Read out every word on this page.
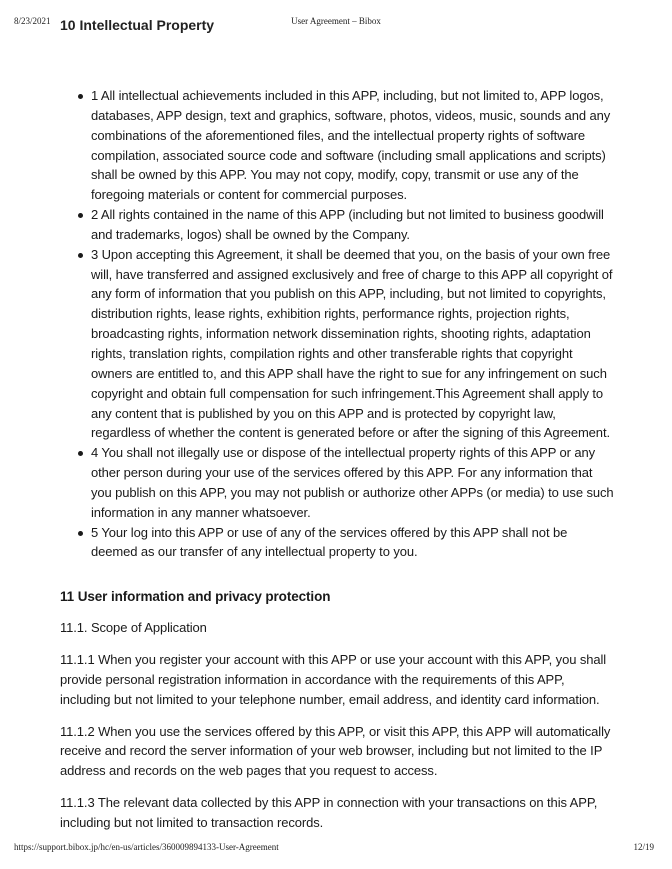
8/23/2021	User Agreement – Bibox
10 Intellectual Property
1 All intellectual achievements included in this APP, including, but not limited to, APP logos, databases, APP design, text and graphics, software, photos, videos, music, sounds and any combinations of the aforementioned files, and the intellectual property rights of software compilation, associated source code and software (including small applications and scripts) shall be owned by this APP. You may not copy, modify, copy, transmit or use any of the foregoing materials or content for commercial purposes.
2 All rights contained in the name of this APP (including but not limited to business goodwill and trademarks, logos) shall be owned by the Company.
3 Upon accepting this Agreement, it shall be deemed that you, on the basis of your own free will, have transferred and assigned exclusively and free of charge to this APP all copyright of any form of information that you publish on this APP, including, but not limited to copyrights, distribution rights, lease rights, exhibition rights, performance rights, projection rights, broadcasting rights, information network dissemination rights, shooting rights, adaptation rights, translation rights, compilation rights and other transferable rights that copyright owners are entitled to, and this APP shall have the right to sue for any infringement on such copyright and obtain full compensation for such infringement.This Agreement shall apply to any content that is published by you on this APP and is protected by copyright law, regardless of whether the content is generated before or after the signing of this Agreement.
4 You shall not illegally use or dispose of the intellectual property rights of this APP or any other person during your use of the services offered by this APP. For any information that you publish on this APP, you may not publish or authorize other APPs (or media) to use such information in any manner whatsoever.
5 Your log into this APP or use of any of the services offered by this APP shall not be deemed as our transfer of any intellectual property to you.
11 User information and privacy protection

11.1. Scope of Application

11.1.1 When you register your account with this APP or use your account with this APP, you shall provide personal registration information in accordance with the requirements of this APP, including but not limited to your telephone number, email address, and identity card information.

11.1.2 When you use the services offered by this APP, or visit this APP, this APP will automatically receive and record the server information of your web browser, including but not limited to the IP address and records on the web pages that you request to access.

11.1.3 The relevant data collected by this APP in connection with your transactions on this APP, including but not limited to transaction records.

https://support.bibox.jp/hc/en-us/articles/360009894133-User-Agreement	12/19
